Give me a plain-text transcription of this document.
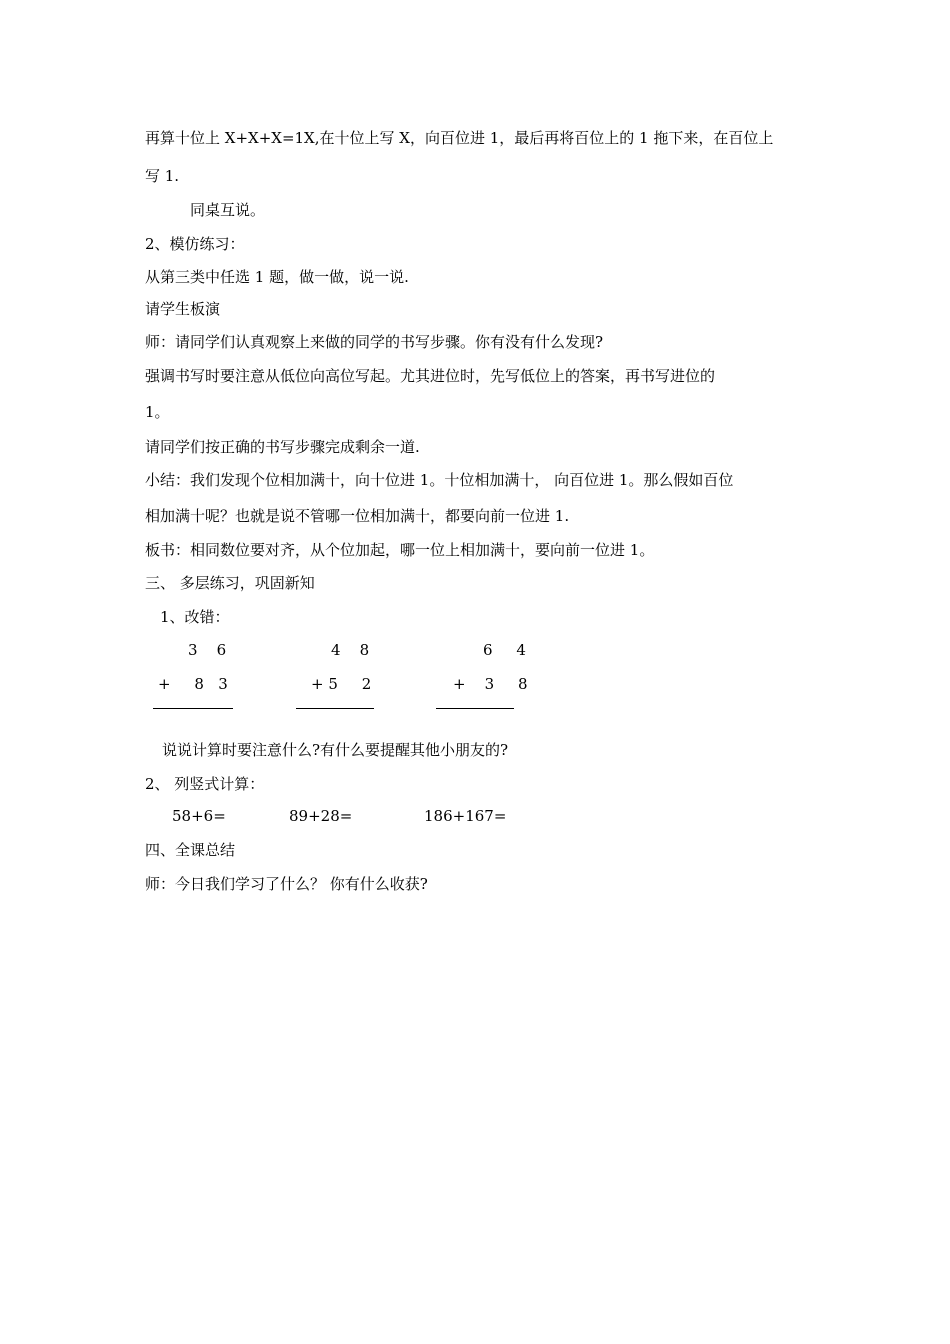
再算十位上 X+X+X=1X,在十位上写 X，向百位进 1，最后再将百位上的 1 拖下来，在百位上
写 1.
同桌互说。
2、模仿练习：
从第三类中任选 1 题，做一做，说一说.
请学生板演
师：请同学们认真观察上来做的同学的书写步骤。你有没有什么发现?
强调书写时要注意从低位向高位写起。尤其进位时，先写低位上的答案，再书写进位的
1。
请同学们按正确的书写步骤完成剩余一道.
小结：我们发现个位相加满十，向十位进 1。十位相加满十， 向百位进 1。那么假如百位
相加满十呢？也就是说不管哪一位相加满十，都要向前一位进 1.
板书：相同数位要对齐，从个位加起，哪一位上相加满十，要向前一位进 1。
三、 多层练习，巩固新知
1、改错：
3    6
+     8   3
4    8
+ 5     2
6     4
+    3     8
说说计算时要注意什么?有什么要提醒其他小朋友的?
2、 列竖式计算：
58+6=	89+28=	186+167=
四、全课总结
师：今日我们学习了什么？ 你有什么收获?
